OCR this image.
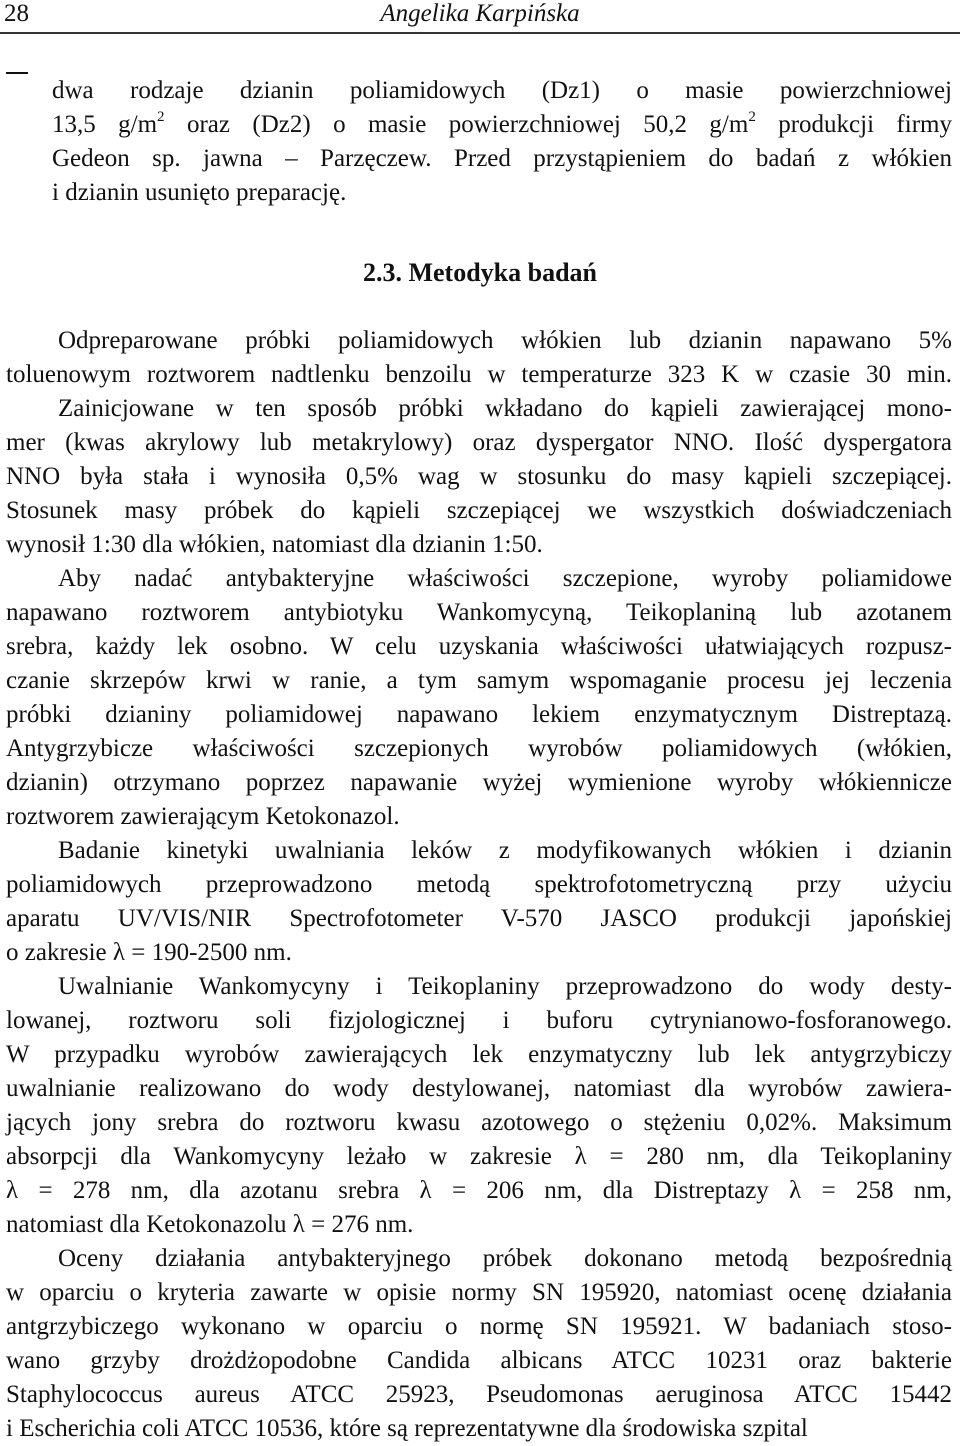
28	Angelika Karpińska
dwa rodzaje dzianin poliamidowych (Dz1) o masie powierzchniowej
13,5 $g/m^2$ oraz (Dz2) o masie powierzchniowej 50,2 $g/m^2$ produkcji firmy
Gedeon sp. jawna – Parzęczew. Przed przystąpieniem do badań z włókien
i dzianin usunięto preparację.
2.3. Metodyka badań
Odpreparowane próbki poliamidowych włókien lub dzianin napawano 5%
toluenowym roztworem nadtlenku benzoilu w temperaturze 323 K w czasie 30 min.
Zainicjowane w ten sposób próbki wkładano do kąpieli zawierającej mono-
mer (kwas akrylowy lub metakrylowy) oraz dyspergator NNO. Ilość dyspergatora
NNO była stała i wynosiła 0,5% wag w stosunku do masy kąpieli szczepiącej.
Stosunek masy próbek do kąpieli szczepiącej we wszystkich doświadczeniach
wynosił 1:30 dla włókien, natomiast dla dzianin 1:50.
Aby nadać antybakteryjne właściwości szczepione, wyroby poliamidowe
napawano roztworem antybiotyku Wankomycyną, Teikoplaniną lub azotanem
srebra, każdy lek osobno. W celu uzyskania właściwości ułatwiających rozpusz-
czanie skrzepów krwi w ranie, a tym samym wspomaganie procesu jej leczenia
próbki dzianiny poliamidowej napawano lekiem enzymatycznym Distreptazą.
Antygrzybicze właściwości szczepionych wyrobów poliamidowych (włókien,
dzianin) otrzymano poprzez napawanie wyżej wymienione wyroby włókiennicze
roztworem zawierającym Ketokonazol.
Badanie kinetyki uwalniania leków z modyfikowanych włókien i dzianin
poliamidowych przeprowadzono metodą spektrofotometryczną przy użyciu
aparatu UV/VIS/NIR Spectrofotometer V-570 JASCO produkcji japońskiej
o zakresie λ = 190-2500 nm.
Uwalnianie Wankomycyny i Teikoplaniny przeprowadzono do wody desty-
lowanej, roztworu soli fizjologicznej i buforu cytrynianowo-fosforanowego.
W przypadku wyrobów zawierających lek enzymatyczny lub lek antygrzybiczy
uwalnianie realizowano do wody destylowanej, natomiast dla wyrobów zawiera-
jących jony srebra do roztworu kwasu azotowego o stężeniu 0,02%. Maksimum
absorpcji dla Wankomycyny leżało w zakresie λ = 280 nm, dla Teikoplaniny
λ = 278 nm, dla azotanu srebra λ = 206 nm, dla Distreptazy λ = 258 nm,
natomiast dla Ketokonazolu λ = 276 nm.
Oceny działania antybakteryjnego próbek dokonano metodą bezpośrednią
w oparciu o kryteria zawarte w opisie normy SN 195920, natomiast ocenę działania
antgrzybiczego wykonano w oparciu o normę SN 195921. W badaniach stoso-
wano grzyby drożdżopodobne Candida albicans ATCC 10231 oraz bakterie
Staphylococcus aureus ATCC 25923, Pseudomonas aeruginosa ATCC 15442
i Escherichia coli ATCC 10536, które są reprezentatywne dla środowiska szpital
